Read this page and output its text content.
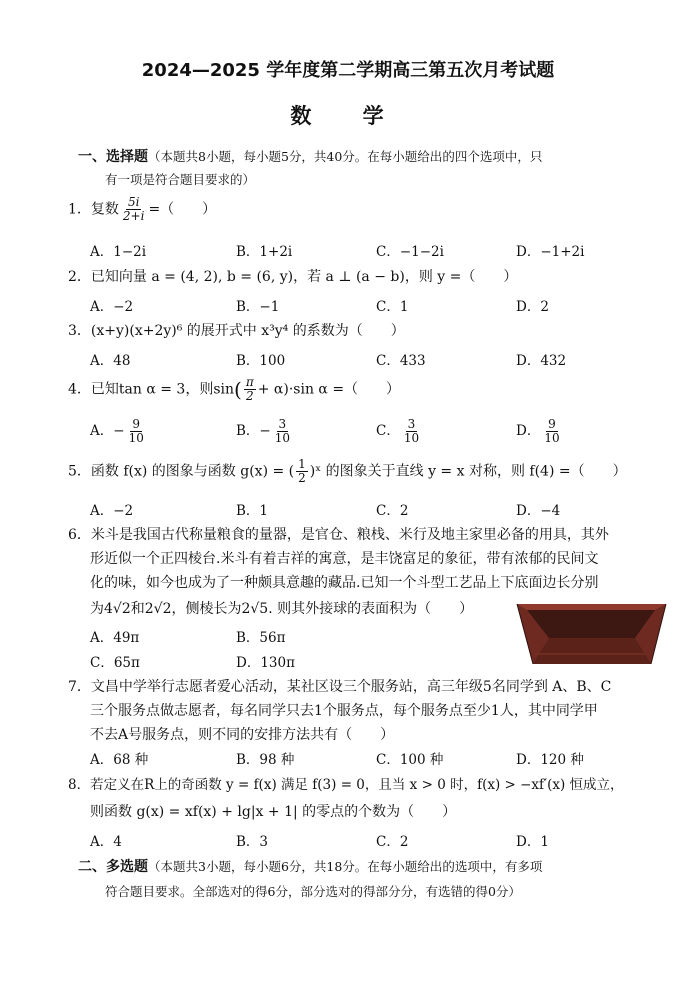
2024—2025 学年度第二学期高三第五次月考试题
数 学
一、选择题（本题共8小题，每小题5分，共40分。在每小题给出的四个选项中，只
有一项是符合题目要求的）
1．复数 $\frac{5i}{2+i}$ =（　　）
A．1−2i	B．1+2i	C．−1−2i	D．−1+2i
2．已知向量 a = (4, 2), b = (6, y)，若 a ⊥ (a − b)，则 y =（　　）
A．−2	B．−1	C．1	D．2
3．(x+y)(x+2y)⁶ 的展开式中 x³y⁴ 的系数为（　　）
A．48	B．100	C．433	D．432
4．已知tan α = 3，则$\sin( \frac{\pi}{2} + \alpha)\cdot\sin$ α =（　　）
A．− $\frac{9}{10}$	B．− $\frac{3}{10}$	C． $\frac{3}{10}$	D． $\frac{9}{10}$
5．函数 f(x) 的图象与函数 g(x) = ( $\frac{1}{2}$ )ˣ 的图象关于直线 y = x 对称，则 f(4) =（　　）
A．−2	B．1	C．2	D．−4
6．米斗是我国古代称量粮食的量器，是官仓、粮栈、米行及地主家里必备的用具，其外
形近似一个正四棱台.米斗有着吉祥的寓意，是丰饶富足的象征，带有浓郁的民间文
化的味，如今也成为了一种颇具意趣的藏品.已知一个斗型工艺品上下底面边长分别
为4√2和2√2，侧棱长为2√5. 则其外接球的表面积为（　　）
A．49π	B．56π
C．65π	D．130π
7．文昌中学举行志愿者爱心活动，某社区设三个服务站，高三年级5名同学到 A、B、C
三个服务点做志愿者，每名同学只去1个服务点，每个服务点至少1人，其中同学甲
不去A号服务点，则不同的安排方法共有（　　）
A．68 种	B．98 种	C．100 种	D．120 种
8．若定义在R上的奇函数 y = f(x) 满足 f(3) = 0，且当 x > 0 时，f(x) > −xf′(x) 恒成立，
则函数 g(x) = xf(x) + lg|x + 1| 的零点的个数为（　　）
A．4	B．3	C．2	D．1
二、多选题（本题共3小题，每小题6分，共18分。在每小题给出的选项中，有多项
符合题目要求。全部选对的得6分，部分选对的得部分分，有选错的得0分）
